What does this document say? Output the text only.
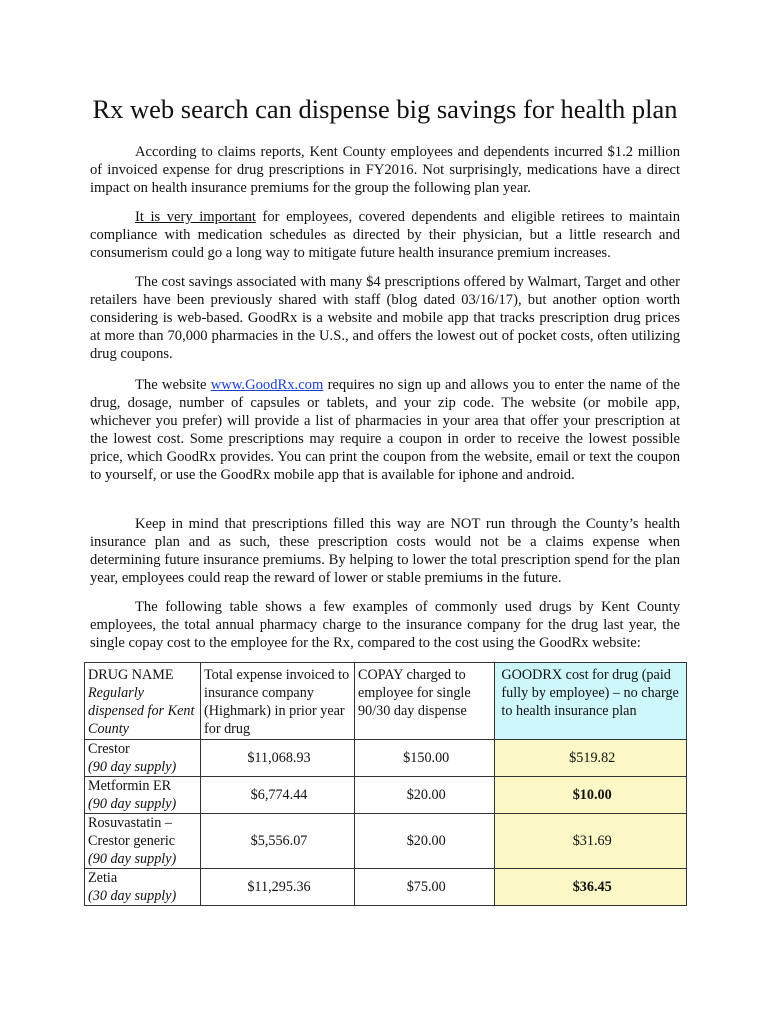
Rx web search can dispense big savings for health plan

According to claims reports, Kent County employees and dependents incurred $1.2 million of invoiced expense for drug prescriptions in FY2016. Not surprisingly, medications have a direct impact on health insurance premiums for the group the following plan year.

It is very important for employees, covered dependents and eligible retirees to maintain compliance with medication schedules as directed by their physician, but a little research and consumerism could go a long way to mitigate future health insurance premium increases.

The cost savings associated with many $4 prescriptions offered by Walmart, Target and other retailers have been previously shared with staff (blog dated 03/16/17), but another option worth considering is web-based. GoodRx is a website and mobile app that tracks prescription drug prices at more than 70,000 pharmacies in the U.S., and offers the lowest out of pocket costs, often utilizing drug coupons.

The website www.GoodRx.com requires no sign up and allows you to enter the name of the drug, dosage, number of capsules or tablets, and your zip code. The website (or mobile app, whichever you prefer) will provide a list of pharmacies in your area that offer your prescription at the lowest cost. Some prescriptions may require a coupon in order to receive the lowest possible price, which GoodRx provides. You can print the coupon from the website, email or text the coupon to yourself, or use the GoodRx mobile app that is available for iphone and android.

Keep in mind that prescriptions filled this way are NOT run through the County’s health insurance plan and as such, these prescription costs would not be a claims expense when determining future insurance premiums. By helping to lower the total prescription spend for the plan year, employees could reap the reward of lower or stable premiums in the future.

The following table shows a few examples of commonly used drugs by Kent County employees, the total annual pharmacy charge to the insurance company for the drug last year, the single copay cost to the employee for the Rx, compared to the cost using the GoodRx website:

DRUG NAME
Regularly dispensed for Kent County	Total expense invoiced to insurance company (Highmark) in prior year for drug	COPAY charged to employee for single 90/30 day dispense	GOODRX cost for drug (paid fully by employee) – no charge to health insurance plan

Crestor
(90 day supply)	$11,068.93	$150.00	$519.82

Metformin ER
(90 day supply)	$6,774.44	$20.00	$10.00

Rosuvastatin – Crestor generic
(90 day supply)	$5,556.07	$20.00	$31.69

Zetia
(30 day supply)	$11,295.36	$75.00	$36.45
